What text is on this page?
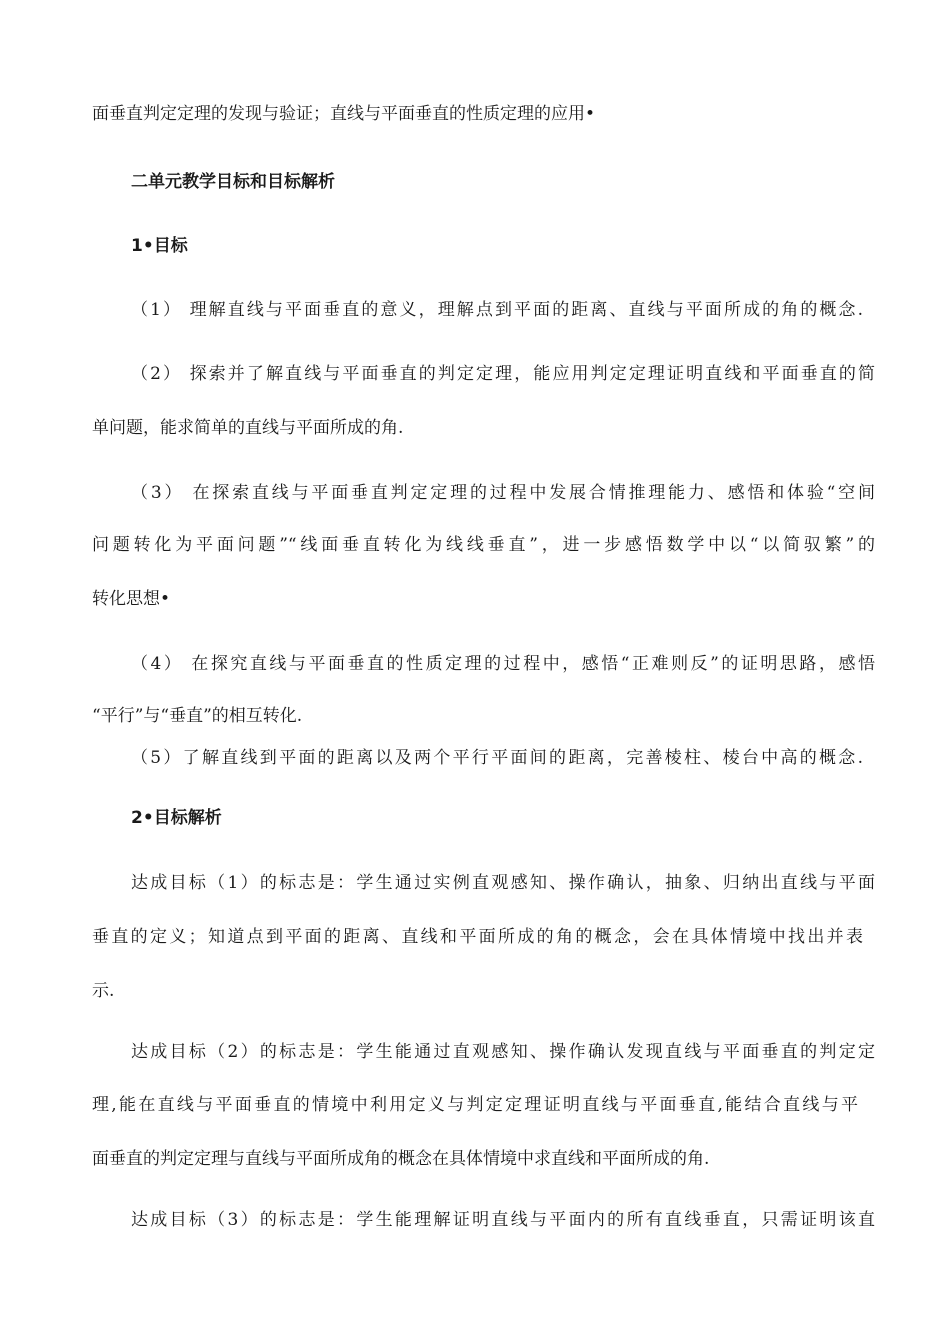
面垂直判定定理的发现与验证；直线与平面垂直的性质定理的应用•
二单元教学目标和目标解析
1•目标
（1） 理解直线与平面垂直的意义，理解点到平面的距离、直线与平面所成的角的概念.
（2） 探索并了解直线与平面垂直的判定定理，能应用判定定理证明直线和平面垂直的简
单问题，能求简单的直线与平面所成的角.
（3） 在探索直线与平面垂直判定定理的过程中发展合情推理能力、感悟和体验“空间
问题转化为平面问题”“线面垂直转化为线线垂直”，进一步感悟数学中以“以简驭繁”的
转化思想•
（4） 在探究直线与平面垂直的性质定理的过程中，感悟“正难则反”的证明思路，感悟
“平行”与“垂直”的相互转化.
（5）了解直线到平面的距离以及两个平行平面间的距离，完善棱柱、棱台中高的概念.
2•目标解析
达成目标（1）的标志是：学生通过实例直观感知、操作确认，抽象、归纳出直线与平面
垂直的定义；知道点到平面的距离、直线和平面所成的角的概念，会在具体情境中找出并表
示.
达成目标（2）的标志是：学生能通过直观感知、操作确认发现直线与平面垂直的判定定
理,能在直线与平面垂直的情境中利用定义与判定定理证明直线与平面垂直,能结合直线与平
面垂直的判定定理与直线与平面所成角的概念在具体情境中求直线和平面所成的角.
达成目标（3）的标志是：学生能理解证明直线与平面内的所有直线垂直，只需证明该直
